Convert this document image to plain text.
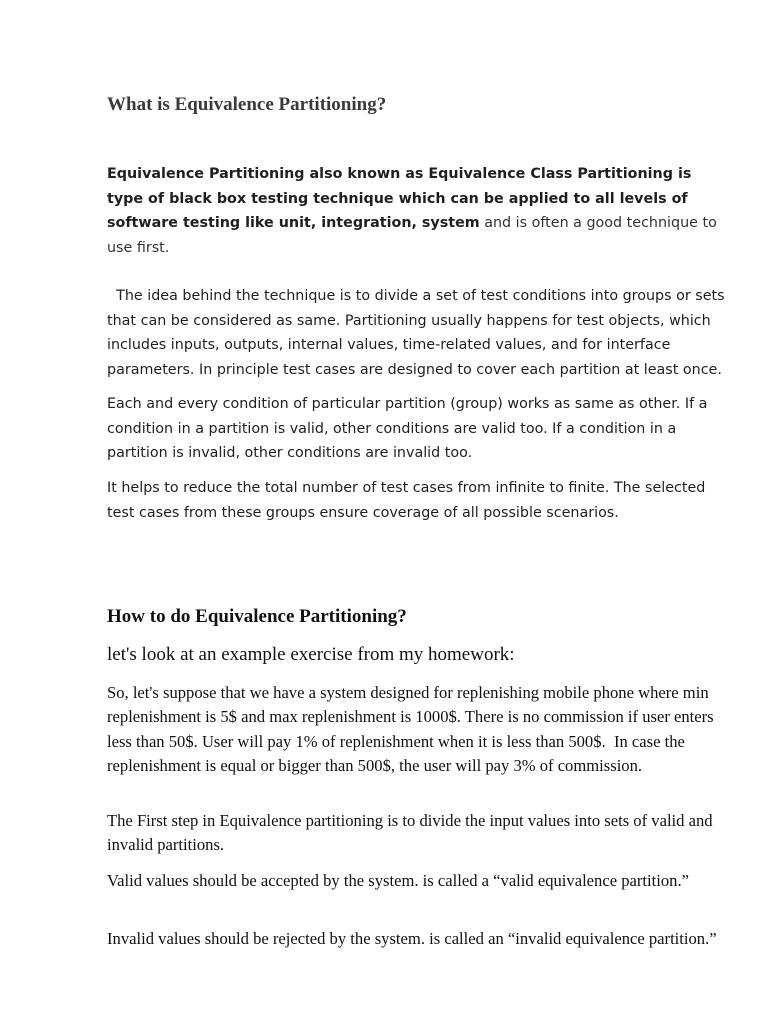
What is Equivalence Partitioning?

Equivalence Partitioning also known as Equivalence Class Partitioning is type of black box testing technique which can be applied to all levels of software testing like unit, integration, system and is often a good technique to use first.

The idea behind the technique is to divide a set of test conditions into groups or sets that can be considered as same. Partitioning usually happens for test objects, which includes inputs, outputs, internal values, time-related values, and for interface parameters. In principle test cases are designed to cover each partition at least once.

Each and every condition of particular partition (group) works as same as other. If a condition in a partition is valid, other conditions are valid too. If a condition in a partition is invalid, other conditions are invalid too.

It helps to reduce the total number of test cases from infinite to finite. The selected test cases from these groups ensure coverage of all possible scenarios.

How to do Equivalence Partitioning?

let's look at an example exercise from my homework:

So, let's suppose that we have a system designed for replenishing mobile phone where min replenishment is 5$ and max replenishment is 1000$. There is no commission if user enters less than 50$. User will pay 1% of replenishment when it is less than 500$.  In case the replenishment is equal or bigger than 500$, the user will pay 3% of commission.

The First step in Equivalence partitioning is to divide the input values into sets of valid and invalid partitions.

Valid values should be accepted by the system. is called a “valid equivalence partition.”

Invalid values should be rejected by the system. is called an “invalid equivalence partition.”
